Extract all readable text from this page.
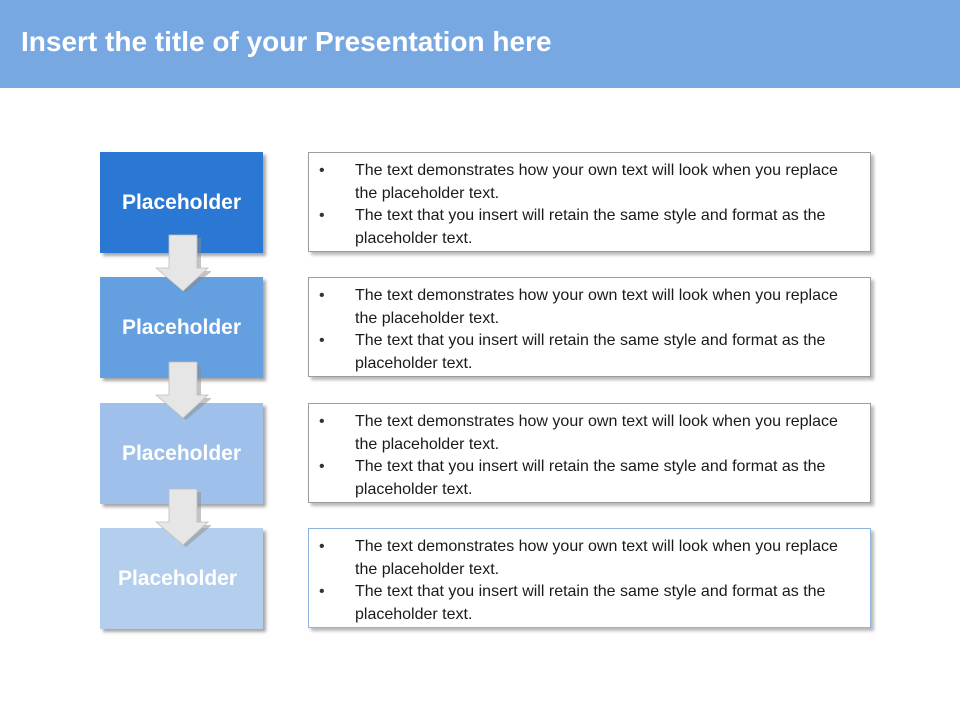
Insert the title of your Presentation here
Placeholder
• The text demonstrates how your own text will look when you replace the placeholder text.
• The text that you insert will retain the same style and format as the placeholder text.
Placeholder
• The text demonstrates how your own text will look when you replace the placeholder text.
• The text that you insert will retain the same style and format as the placeholder text.
Placeholder
• The text demonstrates how your own text will look when you replace the placeholder text.
• The text that you insert will retain the same style and format as the placeholder text.
Placeholder
• The text demonstrates how your own text will look when you replace the placeholder text.
• The text that you insert will retain the same style and format as the placeholder text.
